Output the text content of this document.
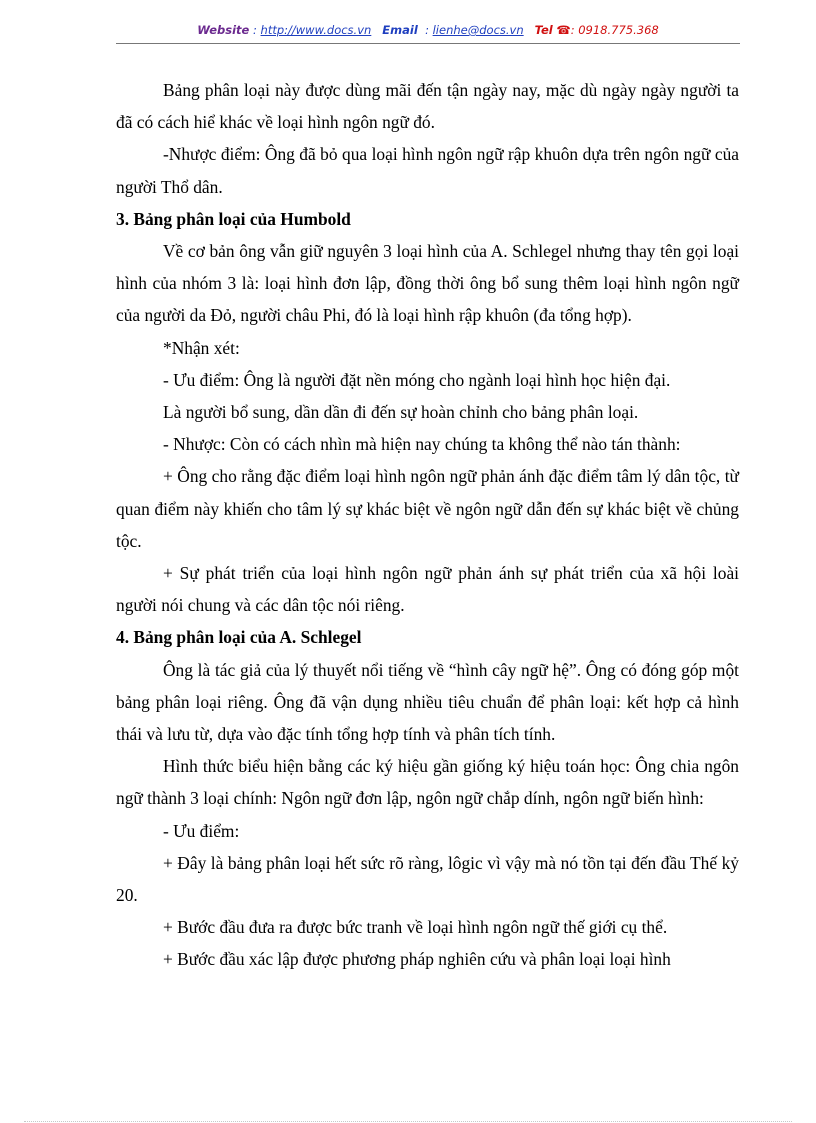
Website : http://www.docs.vn Email : lienhe@docs.vn Tel ☎: 0918.775.368

Bảng phân loại này được dùng mãi đến tận ngày nay, mặc dù ngày ngày người ta đã có cách hiể khác về loại hình ngôn ngữ đó.

-Nhược điểm: Ông đã bỏ qua loại hình ngôn ngữ rập khuôn dựa trên ngôn ngữ của người Thổ dân.

3. Bảng phân loại của Humbold

Về cơ bản ông vẫn giữ nguyên 3 loại hình của A. Schlegel nhưng thay tên gọi loại hình của nhóm 3 là: loại hình đơn lập, đồng thời ông bổ sung thêm loại hình ngôn ngữ của người da Đỏ, người châu Phi, đó là loại hình rập khuôn (đa tổng hợp).

*Nhận xét:

- Ưu điểm: Ông là người đặt nền móng cho ngành loại hình học hiện đại.

Là người bổ sung, dần dần đi đến sự hoàn chỉnh cho bảng phân loại.

- Nhược: Còn có cách nhìn mà hiện nay chúng ta không thể nào tán thành:

+ Ông cho rằng đặc điểm loại hình ngôn ngữ phản ánh đặc điểm tâm lý dân tộc, từ quan điểm này khiến cho tâm lý sự khác biệt về ngôn ngữ dẫn đến sự khác biệt về chủng tộc.

+ Sự phát triển của loại hình ngôn ngữ phản ánh sự phát triển của xã hội loài người nói chung và các dân tộc nói riêng.

4. Bảng phân loại của A. Schlegel

Ông là tác giả của lý thuyết nổi tiếng về “hình cây ngữ hệ”. Ông có đóng góp một bảng phân loại riêng. Ông đã vận dụng nhiều tiêu chuẩn để phân loại: kết hợp cả hình thái và lưu từ, dựa vào đặc tính tổng hợp tính và phân tích tính.

Hình thức biểu hiện bằng các ký hiệu gần giống ký hiệu toán học: Ông chia ngôn ngữ thành 3 loại chính: Ngôn ngữ đơn lập, ngôn ngữ chắp dính, ngôn ngữ biến hình:

- Ưu điểm:

+ Đây là bảng phân loại hết sức rõ ràng, lôgic vì vậy mà nó tồn tại đến đầu Thế kỷ 20.

+ Bước đầu đưa ra được bức tranh về loại hình ngôn ngữ thế giới cụ thể.

+ Bước đầu xác lập được phương pháp nghiên cứu và phân loại loại hình
